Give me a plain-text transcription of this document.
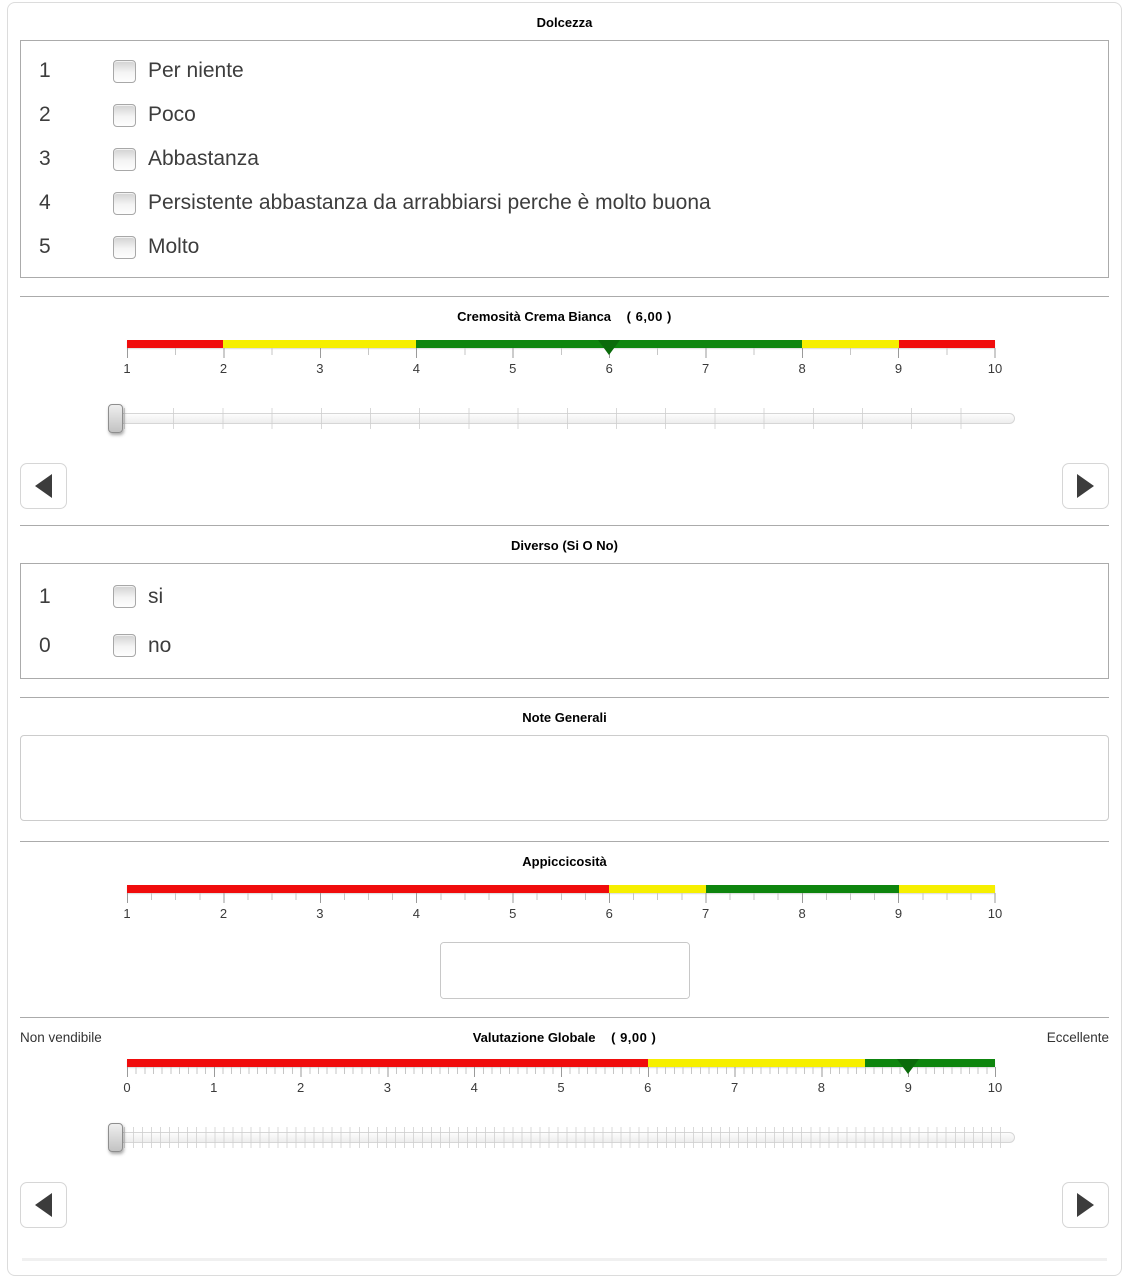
Dolcezza
1	Per niente
2	Poco
3	Abbastanza
4	Persistente abbastanza da arrabbiarsi perche è molto buona
5	Molto
Cremosità Crema Bianca ( 6,00 )
1	2	3	4	5	6	7	8	9	10
Diverso (Si O No)
1	si
0	no
Note Generali
Appiccicosità
1	2	3	4	5	6	7	8	9	10
Non vendibile	Valutazione Globale ( 9,00 )	Eccellente
0	1	2	3	4	5	6	7	8	9	10
